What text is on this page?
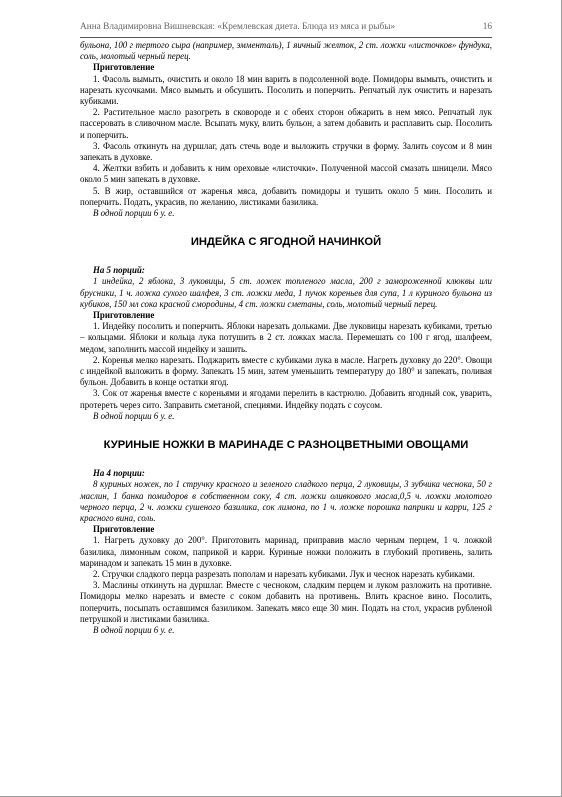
Анна Владимировна Вишневская: «Кремлевская диета. Блюда из мяса и рыбы»	16

бульона, 100 г тертого сыра (например, эмменталь), 1 яичный желток, 2 ст. ложки «листочков» фундука, соль, молотый черный перец.

Приготовление

1. Фасоль вымыть, очистить и около 18 мин варить в подсоленной воде. Помидоры вымыть, очистить и нарезать кусочками. Мясо вымыть и обсушить. Посолить и поперчить. Репчатый лук очистить и нарезать кубиками.

2. Растительное масло разогреть в сковороде и с обеих сторон обжарить в нем мясо. Репчатый лук пассеровать в сливочном масле. Всыпать муку, влить бульон, а затем добавить и расплавить сыр. Посолить и поперчить.

3. Фасоль откинуть на дуршлаг, дать стечь воде и выложить стручки в форму. Залить соусом и 8 мин запекать в духовке.

4. Желтки взбить и добавить к ним ореховые «листочки». Полученной массой смазать шницели. Мясо около 5 мин запекать в духовке.

5. В жир, оставшийся от жаренья мяса, добавить помидоры и тушить около 5 мин. Посолить и поперчить. Подать, украсив, по желанию, листиками базилика.

В одной порции 6 у. е.

ИНДЕЙКА С ЯГОДНОЙ НАЧИНКОЙ

На 5 порций:

1 индейка, 2 яблока, 3 луковицы, 5 ст. ложек топленого масла, 200 г замороженной клюквы или брусники, 1 ч. ложка сухого шалфея, 3 ст. ложки меда, 1 пучок кореньев для супа, 1 л куриного бульона из кубиков, 150 мл сока красной смородины, 4 ст. ложки сметаны, соль, молотый черный перец.

Приготовление

1. Индейку посолить и поперчить. Яблоки нарезать дольками. Две луковицы нарезать кубиками, третью – кольцами. Яблоки и кольца лука потушить в 2 ст. ложках масла. Перемешать со 100 г ягод, шалфеем, медом, заполнить массой индейку и зашить.

2. Коренья мелко нарезать. Поджарить вместе с кубиками лука в масле. Нагреть духовку до 220°. Овощи с индейкой выложить в форму. Запекать 15 мин, затем уменьшить температуру до 180° и запекать, поливая бульон. Добавить в конце остатки ягод.

3. Сок от жаренья вместе с кореньями и ягодами перелить в кастрюлю. Добавить ягодный сок, уварить, протереть через сито. Заправить сметаной, специями. Индейку подать с соусом.

В одной порции 6 у. е.

КУРИНЫЕ НОЖКИ В МАРИНАДЕ С РАЗНОЦВЕТНЫМИ ОВОЩАМИ

На 4 порции:

8 куриных ножек, по 1 стручку красного и зеленого сладкого перца, 2 луковицы, 3 зубчика чеснока, 50 г маслин, 1 банка помидоров в собственном соку, 4 ст. ложки оливкового масла,0,5 ч. ложки молотого черного перца, 2 ч. ложки сушеного базилика, сок лимона, по 1 ч. ложке порошка паприки и карри, 125 г красного вина, соль.

Приготовление

1. Нагреть духовку до 200°. Приготовить маринад, приправив масло черным перцем, 1 ч. ложкой базилика, лимонным соком, паприкой и карри. Куриные ножки положить в глубокий противень, залить маринадом и запекать 15 мин в духовке.

2. Стручки сладкого перца разрезать пополам и нарезать кубиками. Лук и чеснок нарезать кубиками.

3. Маслины откинуть на дуршлаг. Вместе с чесноком, сладким перцем и луком разложить на противне. Помидоры мелко нарезать и вместе с соком добавить на противень. Влить красное вино. Посолить, поперчить, посыпать оставшимся базиликом. Запекать мясо еще 30 мин. Подать на стол, украсив рубленой петрушкой и листиками базилика.

В одной порции 6 у. е.
